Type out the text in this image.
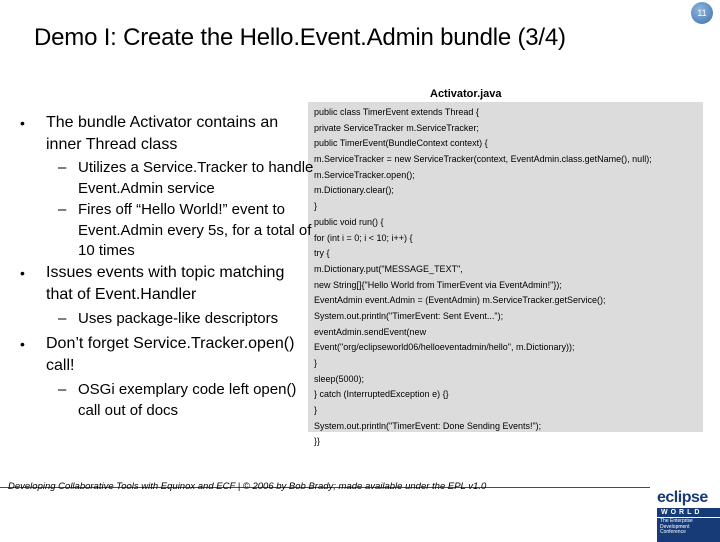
11
Demo I: Create the Hello.Event.Admin bundle (3/4)
Activator.java
public class TimerEvent extends Thread {
private ServiceTracker m.ServiceTracker;
public TimerEvent(BundleContext context) {
m.ServiceTracker = new ServiceTracker(context, EventAdmin.class.getName(), null);
m.ServiceTracker.open();
m.Dictionary.clear();
}
public void run() {
for (int i = 0; i < 10; i++) {
try {
m.Dictionary.put("MESSAGE_TEXT",
new String[]{"Hello World from TimerEvent via EventAdmin!"});
EventAdmin event.Admin = (EventAdmin) m.ServiceTracker.getService();
System.out.println("TimerEvent: Sent Event...");
eventAdmin.sendEvent(new
Event("org/eclipseworld06/helloeventadmin/hello", m.Dictionary));
}
sleep(5000);
} catch (InterruptedException e) {}
}
System.out.println("TimerEvent: Done Sending Events!");
}}
• The bundle Activator contains an inner Thread class
– Utilizes a Service.Tracker to handle Event.Admin service
– Fires off “Hello World!” event to Event.Admin every 5s, for a total of 10 times
• Issues events with topic matching that of Event.Handler
– Uses package-like descriptors
• Don’t forget Service.Tracker.open() call!
– OSGi exemplary code left open() call out of docs
Developing Collaborative Tools with Equinox and ECF | © 2006 by Bob Brady; made available under the EPL v1.0
eclipse
WORLD
The Enterprise
Development
Conference
